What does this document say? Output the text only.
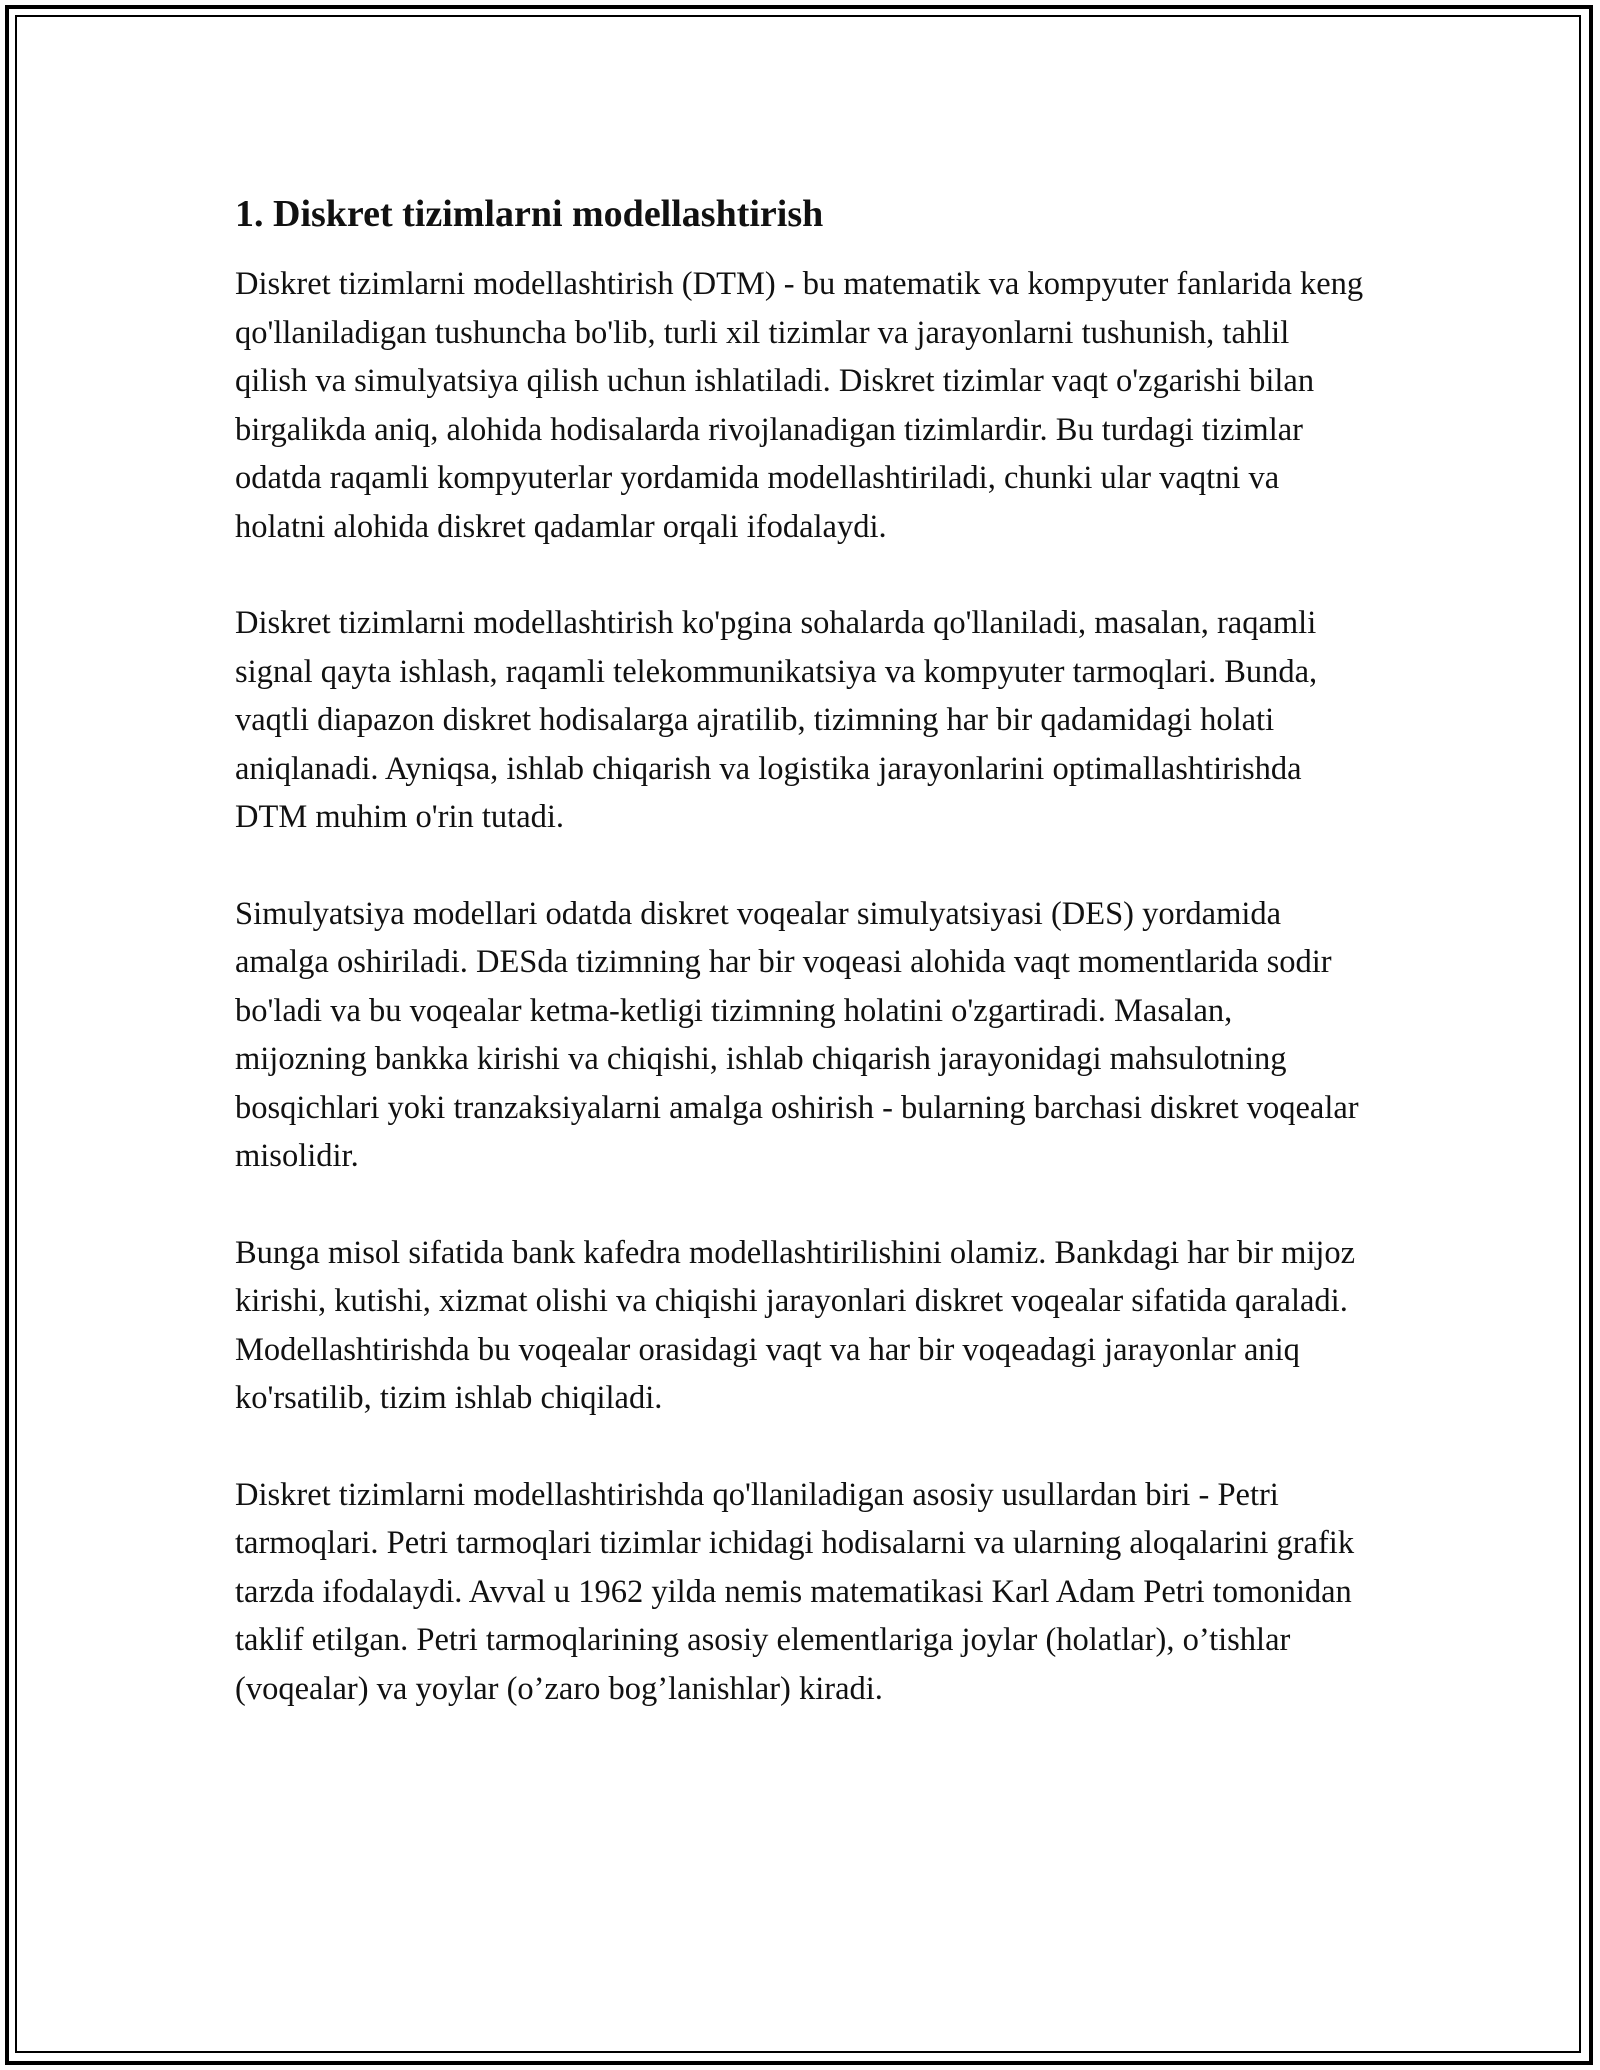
1. Diskret tizimlarni modellashtirish

Diskret tizimlarni modellashtirish (DTM) - bu matematik va kompyuter fanlarida keng qo'llaniladigan tushuncha bo'lib, turli xil tizimlar va jarayonlarni tushunish, tahlil qilish va simulyatsiya qilish uchun ishlatiladi. Diskret tizimlar vaqt o'zgarishi bilan birgalikda aniq, alohida hodisalarda rivojlanadigan tizimlardir. Bu turdagi tizimlar odatda raqamli kompyuterlar yordamida modellashtiriladi, chunki ular vaqtni va holatni alohida diskret qadamlar orqali ifodalaydi.

Diskret tizimlarni modellashtirish ko'pgina sohalarda qo'llaniladi, masalan, raqamli signal qayta ishlash, raqamli telekommunikatsiya va kompyuter tarmoqlari. Bunda, vaqtli diapazon diskret hodisalarga ajratilib, tizimning har bir qadamidagi holati aniqlanadi. Ayniqsa, ishlab chiqarish va logistika jarayonlarini optimallashtirishda DTM muhim o'rin tutadi.

Simulyatsiya modellari odatda diskret voqealar simulyatsiyasi (DES) yordamida amalga oshiriladi. DESda tizimning har bir voqeasi alohida vaqt momentlarida sodir bo'ladi va bu voqealar ketma-ketligi tizimning holatini o'zgartiradi. Masalan, mijozning bankka kirishi va chiqishi, ishlab chiqarish jarayonidagi mahsulotning bosqichlari yoki tranzaksiyalarni amalga oshirish - bularning barchasi diskret voqealar misolidir.

Bunga misol sifatida bank kafedra modellashtirilishini olamiz. Bankdagi har bir mijoz kirishi, kutishi, xizmat olishi va chiqishi jarayonlari diskret voqealar sifatida qaraladi. Modellashtirishda bu voqealar orasidagi vaqt va har bir voqeadagi jarayonlar aniq ko'rsatilib, tizim ishlab chiqiladi.

Diskret tizimlarni modellashtirishda qo'llaniladigan asosiy usullardan biri - Petri tarmoqlari. Petri tarmoqlari tizimlar ichidagi hodisalarni va ularning aloqalarini grafik tarzda ifodalaydi. Avval u 1962 yilda nemis matematikasi Karl Adam Petri tomonidan taklif etilgan. Petri tarmoqlarining asosiy elementlariga joylar (holatlar), o’tishlar (voqealar) va yoylar (o’zaro bog’lanishlar) kiradi.
